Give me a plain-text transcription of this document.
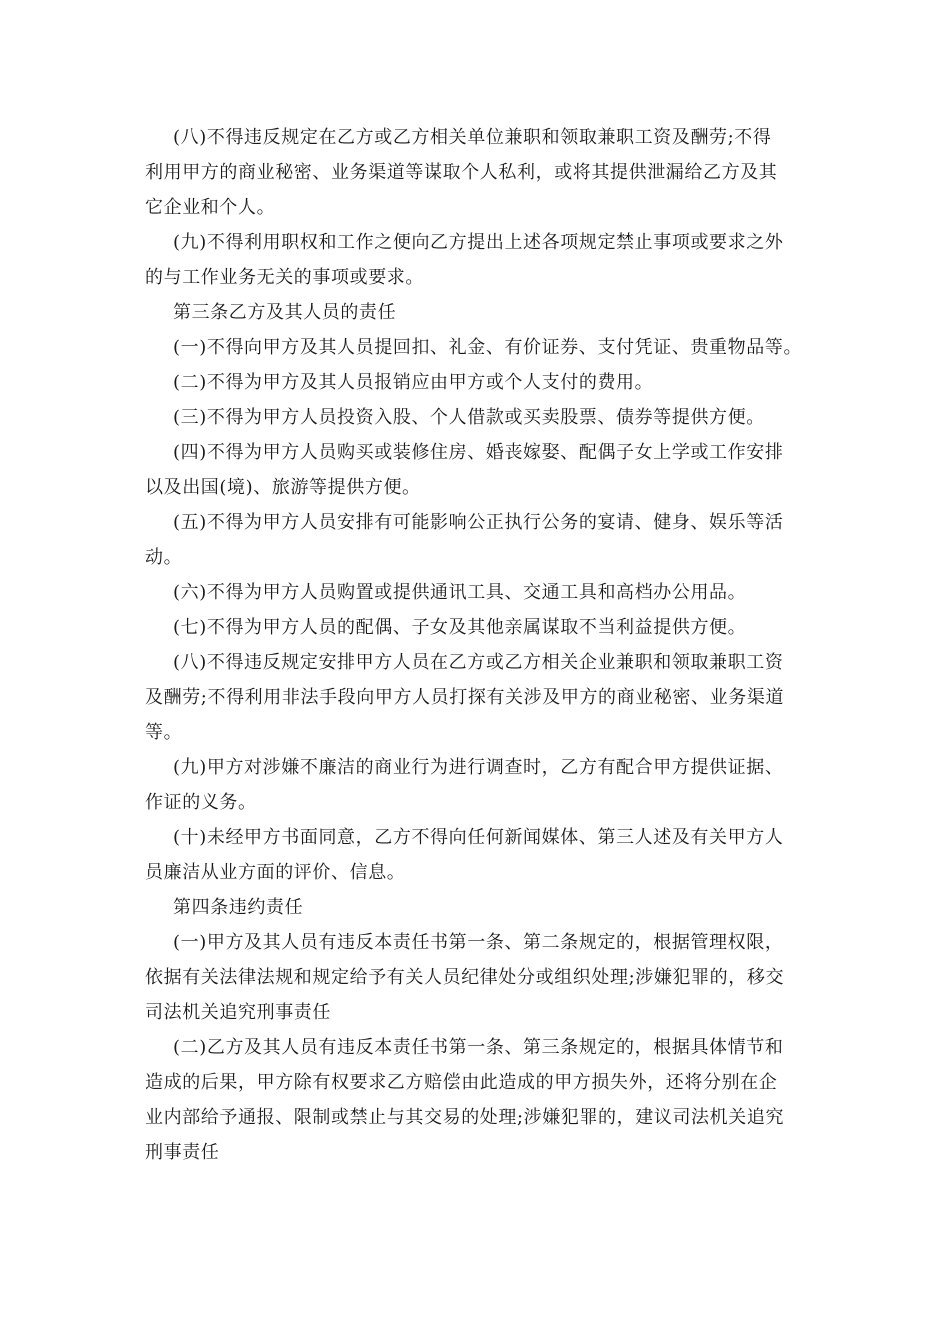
(八)不得违反规定在乙方或乙方相关单位兼职和领取兼职工资及酬劳;不得
利用甲方的商业秘密、业务渠道等谋取个人私利，或将其提供泄漏给乙方及其
它企业和个人。
(九)不得利用职权和工作之便向乙方提出上述各项规定禁止事项或要求之外
的与工作业务无关的事项或要求。
第三条乙方及其人员的责任
(一)不得向甲方及其人员提回扣、礼金、有价证券、支付凭证、贵重物品等。
(二)不得为甲方及其人员报销应由甲方或个人支付的费用。
(三)不得为甲方人员投资入股、个人借款或买卖股票、债券等提供方便。
(四)不得为甲方人员购买或装修住房、婚丧嫁娶、配偶子女上学或工作安排
以及出国(境)、旅游等提供方便。
(五)不得为甲方人员安排有可能影响公正执行公务的宴请、健身、娱乐等活
动。
(六)不得为甲方人员购置或提供通讯工具、交通工具和高档办公用品。
(七)不得为甲方人员的配偶、子女及其他亲属谋取不当利益提供方便。
(八)不得违反规定安排甲方人员在乙方或乙方相关企业兼职和领取兼职工资
及酬劳;不得利用非法手段向甲方人员打探有关涉及甲方的商业秘密、业务渠道
等。
(九)甲方对涉嫌不廉洁的商业行为进行调查时，乙方有配合甲方提供证据、
作证的义务。
(十)未经甲方书面同意，乙方不得向任何新闻媒体、第三人述及有关甲方人
员廉洁从业方面的评价、信息。
第四条违约责任
(一)甲方及其人员有违反本责任书第一条、第二条规定的，根据管理权限，
依据有关法律法规和规定给予有关人员纪律处分或组织处理;涉嫌犯罪的，移交
司法机关追究刑事责任
(二)乙方及其人员有违反本责任书第一条、第三条规定的，根据具体情节和
造成的后果，甲方除有权要求乙方赔偿由此造成的甲方损失外，还将分别在企
业内部给予通报、限制或禁止与其交易的处理;涉嫌犯罪的，建议司法机关追究
刑事责任
